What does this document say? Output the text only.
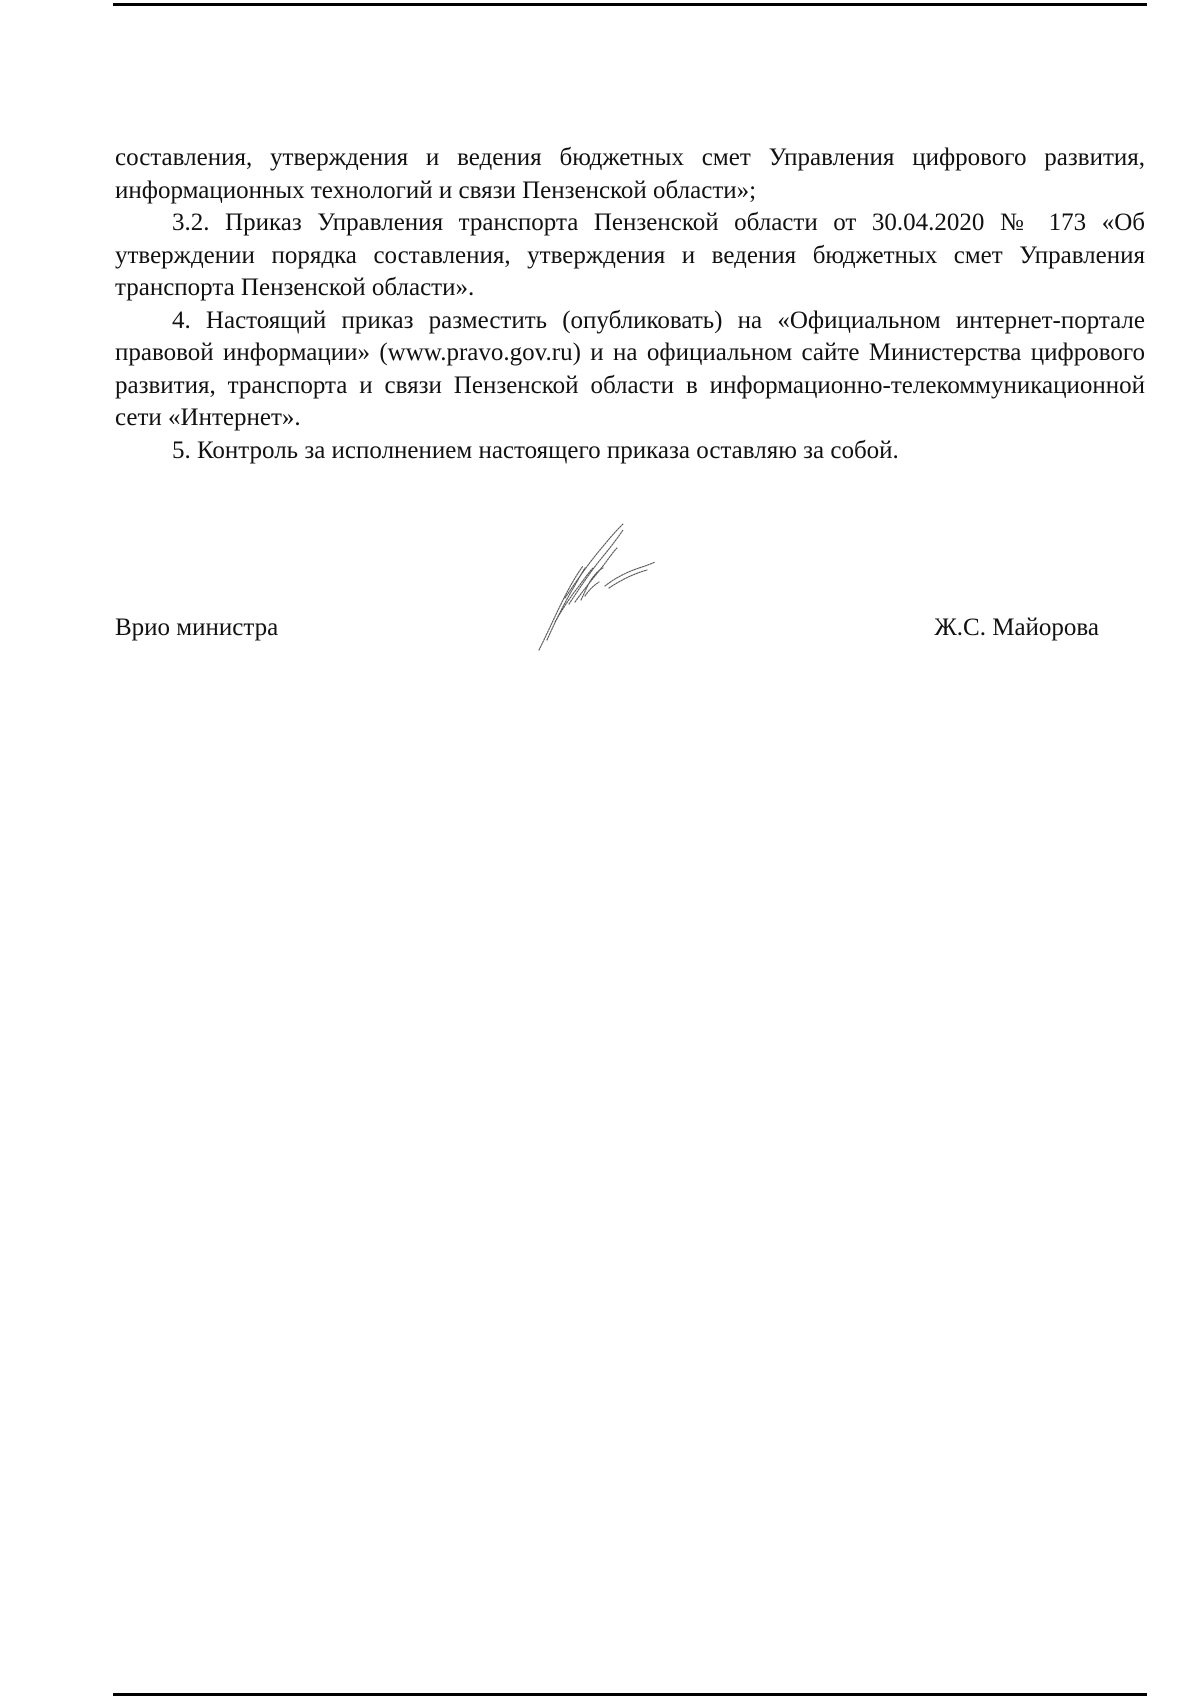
составления, утверждения и ведения бюджетных смет Управления цифрового развития, информационных технологий и связи Пензенской области»;

3.2. Приказ Управления транспорта Пензенской области от 30.04.2020 № 173 «Об утверждении порядка составления, утверждения и ведения бюджетных смет Управления транспорта Пензенской области».

4. Настоящий приказ разместить (опубликовать) на «Официальном интернет-портале правовой информации» (www.pravo.gov.ru) и на официальном сайте Министерства цифрового развития, транспорта и связи Пензенской области в информационно-телекоммуникационной сети «Интернет».

5. Контроль за исполнением настоящего приказа оставляю за собой.

Врио министра	Ж.С. Майорова
